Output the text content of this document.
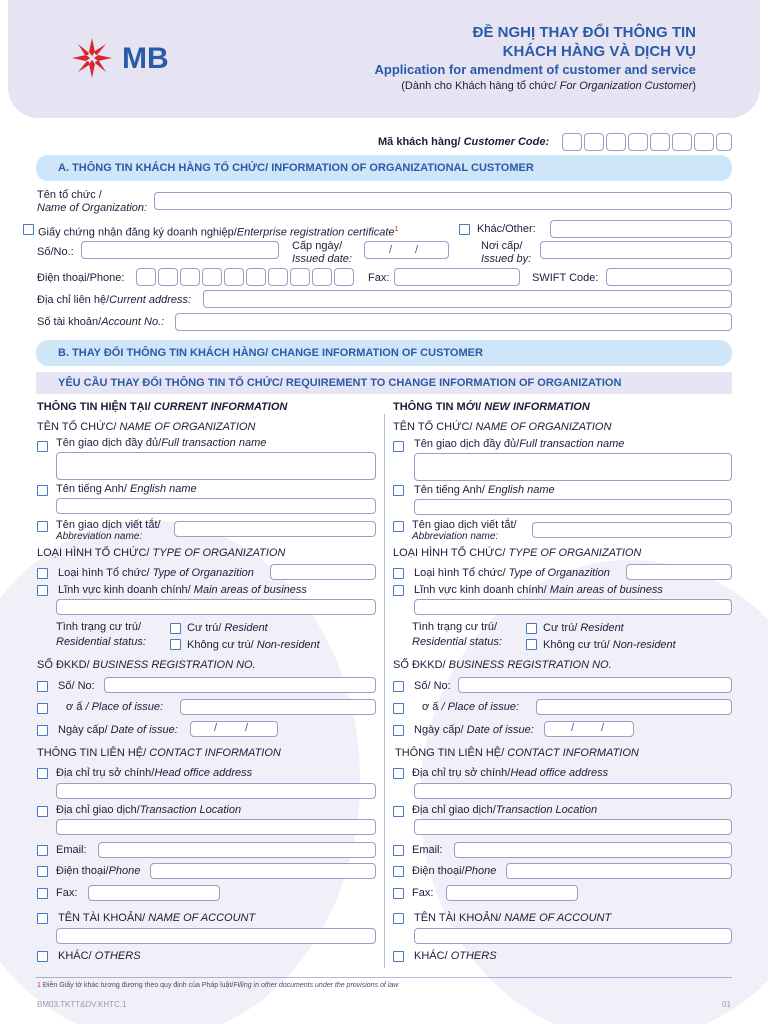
MB
ĐỀ NGHỊ THAY ĐỔI THÔNG TIN
KHÁCH HÀNG VÀ DỊCH VỤ
Application for amendment of customer and service
(Dành cho Khách hàng tổ chức/ For Organization Customer)
Mã khách hàng/ Customer Code:
A. THÔNG TIN KHÁCH HÀNG TỔ CHỨC/ INFORMATION OF ORGANIZATIONAL CUSTOMER
Tên tổ chức /
Name of Organization:
Giấy chứng nhận đăng ký doanh nghiệp/Enterprise registration certificate$^1$	Khác/Other:
Số/No.:	Cấp ngày/
Issued date:
/ /	Nơi cấp/
Issued by:
Điện thoại/Phone:	Fax:	SWIFT Code:
Địa chỉ liên hệ/Current address:
Số tài khoản/Account No.:
B. THAY ĐỔI THÔNG TIN KHÁCH HÀNG/ CHANGE INFORMATION OF CUSTOMER
YÊU CẦU THAY ĐỔI THÔNG TIN TỔ CHỨC/ REQUIREMENT TO CHANGE INFORMATION OF ORGANIZATION
THÔNG TIN HIỆN TẠI/ CURRENT INFORMATION
TÊN TỔ CHỨC/ NAME OF ORGANIZATION
Tên giao dịch đầy đủ/Full transaction name
Tên tiếng Anh/ English name
Tên giao dịch viết tắt/
Abbreviation name:
LOẠI HÌNH TỔ CHỨC/ TYPE OF ORGANIZATION
Loại hình Tổ chức/ Type of Organazition
Lĩnh vực kinh doanh chính/ Main areas of business
Tình trạng cư trú/
Residential status:
Cư trú/ Resident
Không cư trú/ Non-resident
SỐ ĐKKD/ BUSINESS REGISTRATION NO.
Số/ No:
ơ ấ / Place of issue:
Ngày cấp/ Date of issue:	/	/
THÔNG TIN LIÊN HỆ/ CONTACT INFORMATION
Địa chỉ trụ sở chính/Head office address
Địa chỉ giao dịch/Transaction Location
Email:
Điện thoại/Phone
Fax:
TÊN TÀI KHOẢN/ NAME OF ACCOUNT
KHÁC/ OTHERS
THÔNG TIN MỚI/ NEW INFORMATION
TÊN TỔ CHỨC/ NAME OF ORGANIZATION
Tên giao dịch đầy đủ/Full transaction name
Tên tiếng Anh/ English name
Tên giao dịch viết tắt/
Abbreviation name:
LOẠI HÌNH TỔ CHỨC/ TYPE OF ORGANIZATION
Loại hình Tổ chức/ Type of Organazition
Lĩnh vực kinh doanh chính/ Main areas of business
Tình trạng cư trú/
Residential status:
Cư trú/ Resident
Không cư trú/ Non-resident
SỐ ĐKKD/ BUSINESS REGISTRATION NO.
Số/ No:
ơ ấ / Place of issue:
Ngày cấp/ Date of issue:	/ /
THÔNG TIN LIÊN HỆ/ CONTACT INFORMATION
Địa chỉ trụ sở chính/Head office address
Địa chỉ giao dịch/Transaction Location
Email:
Điện thoại/Phone
Fax:
TÊN TÀI KHOẢN/ NAME OF ACCOUNT
KHÁC/ OTHERS
1 Điền Giấy tờ khác tương đương theo quy định của Pháp luật/Filling in other documents under the provisions of law
BM03.TKTT&DV.KHTC.1	01
